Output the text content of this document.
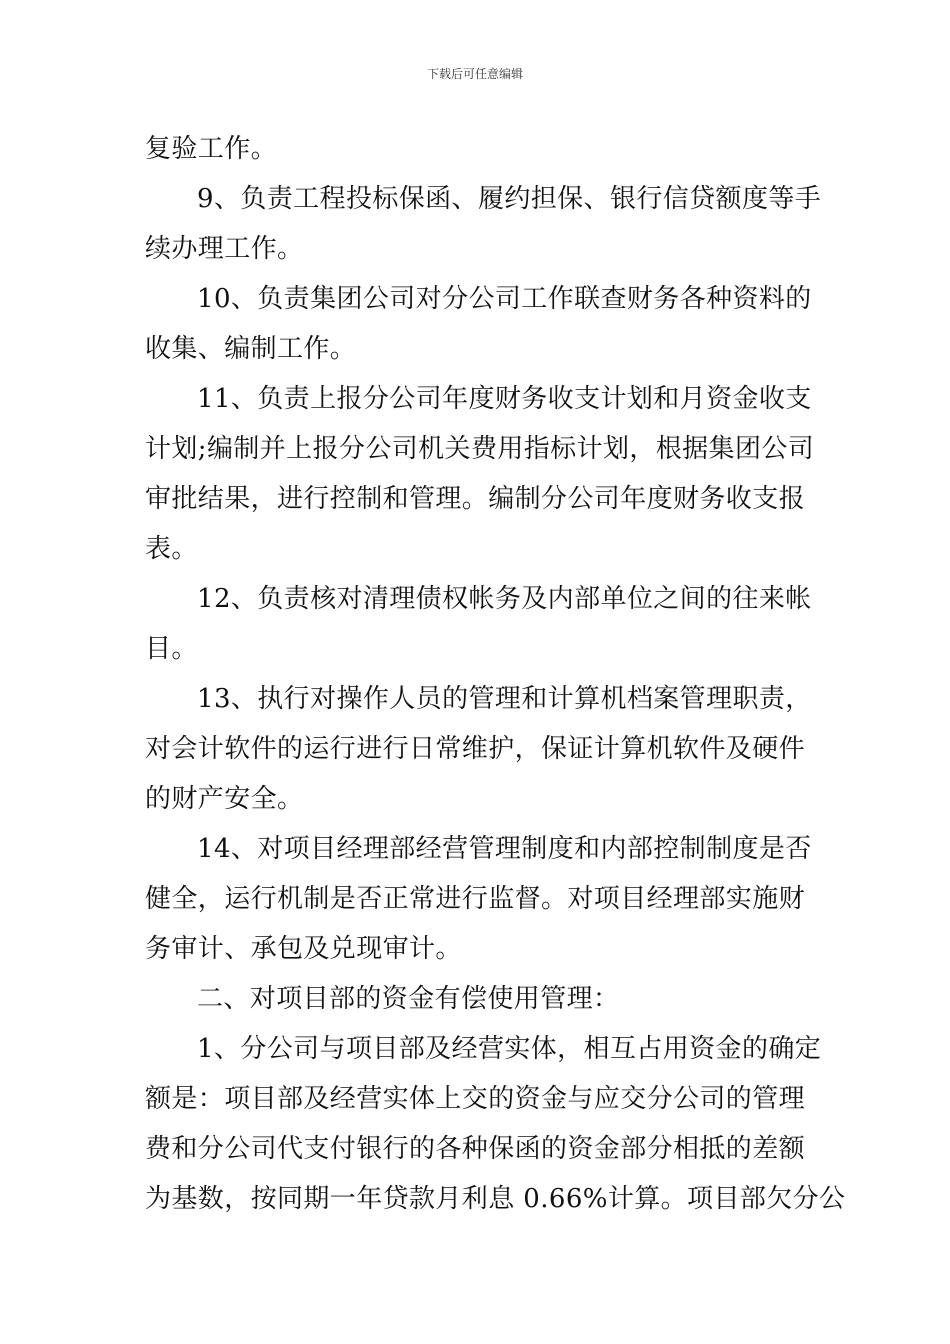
下载后可任意编辑
复验工作。
9、负责工程投标保函、履约担保、银行信贷额度等手
续办理工作。
10、负责集团公司对分公司工作联查财务各种资料的
收集、编制工作。
11、负责上报分公司年度财务收支计划和月资金收支
计划;编制并上报分公司机关费用指标计划，根据集团公司
审批结果，进行控制和管理。编制分公司年度财务收支报
表。
12、负责核对清理债权帐务及内部单位之间的往来帐
目。
13、执行对操作人员的管理和计算机档案管理职责，
对会计软件的运行进行日常维护，保证计算机软件及硬件
的财产安全。
14、对项目经理部经营管理制度和内部控制制度是否
健全，运行机制是否正常进行监督。对项目经理部实施财
务审计、承包及兑现审计。
二、对项目部的资金有偿使用管理：
1、分公司与项目部及经营实体，相互占用资金的确定
额是：项目部及经营实体上交的资金与应交分公司的管理
费和分公司代支付银行的各种保函的资金部分相抵的差额
为基数，按同期一年贷款月利息 0.66%计算。项目部欠分公
